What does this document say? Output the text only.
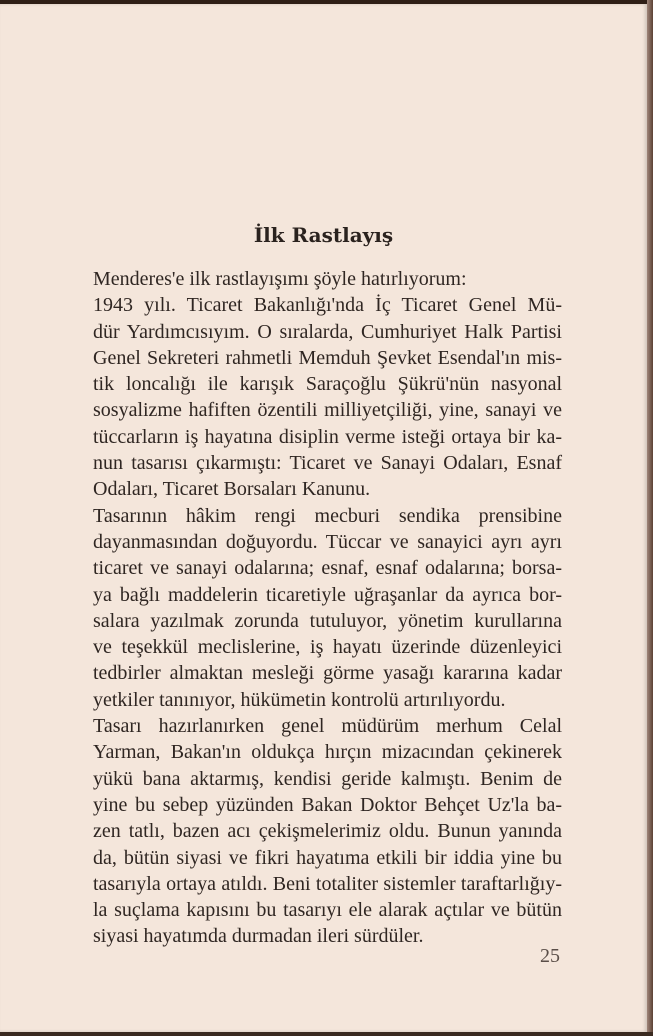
İlk Rastlayış
Menderes'e ilk rastlayışımı şöyle hatırlıyorum:
1943 yılı. Ticaret Bakanlığı'nda İç Ticaret Genel Mü-
dür Yardımcısıyım. O sıralarda, Cumhuriyet Halk Partisi
Genel Sekreteri rahmetli Memduh Şevket Esendal'ın mis-
tik loncalığı ile karışık Saraçoğlu Şükrü'nün nasyonal
sosyalizme hafiften özentili milliyetçiliği, yine, sanayi ve
tüccarların iş hayatına disiplin verme isteği ortaya bir ka-
nun tasarısı çıkarmıştı: Ticaret ve Sanayi Odaları, Esnaf
Odaları, Ticaret Borsaları Kanunu.
Tasarının hâkim rengi mecburi sendika prensibine
dayanmasından doğuyordu. Tüccar ve sanayici ayrı ayrı
ticaret ve sanayi odalarına; esnaf, esnaf odalarına; borsa-
ya bağlı maddelerin ticaretiyle uğraşanlar da ayrıca bor-
salara yazılmak zorunda tutuluyor, yönetim kurullarına
ve teşekkül meclislerine, iş hayatı üzerinde düzenleyici
tedbirler almaktan mesleği görme yasağı kararına kadar
yetkiler tanınıyor, hükümetin kontrolü artırılıyordu.
Tasarı hazırlanırken genel müdürüm merhum Celal
Yarman, Bakan'ın oldukça hırçın mizacından çekinerek
yükü bana aktarmış, kendisi geride kalmıştı. Benim de
yine bu sebep yüzünden Bakan Doktor Behçet Uz'la ba-
zen tatlı, bazen acı çekişmelerimiz oldu. Bunun yanında
da, bütün siyasi ve fikri hayatıma etkili bir iddia yine bu
tasarıyla ortaya atıldı. Beni totaliter sistemler taraftarlığıy-
la suçlama kapısını bu tasarıyı ele alarak açtılar ve bütün
siyasi hayatımda durmadan ileri sürdüler.
25
